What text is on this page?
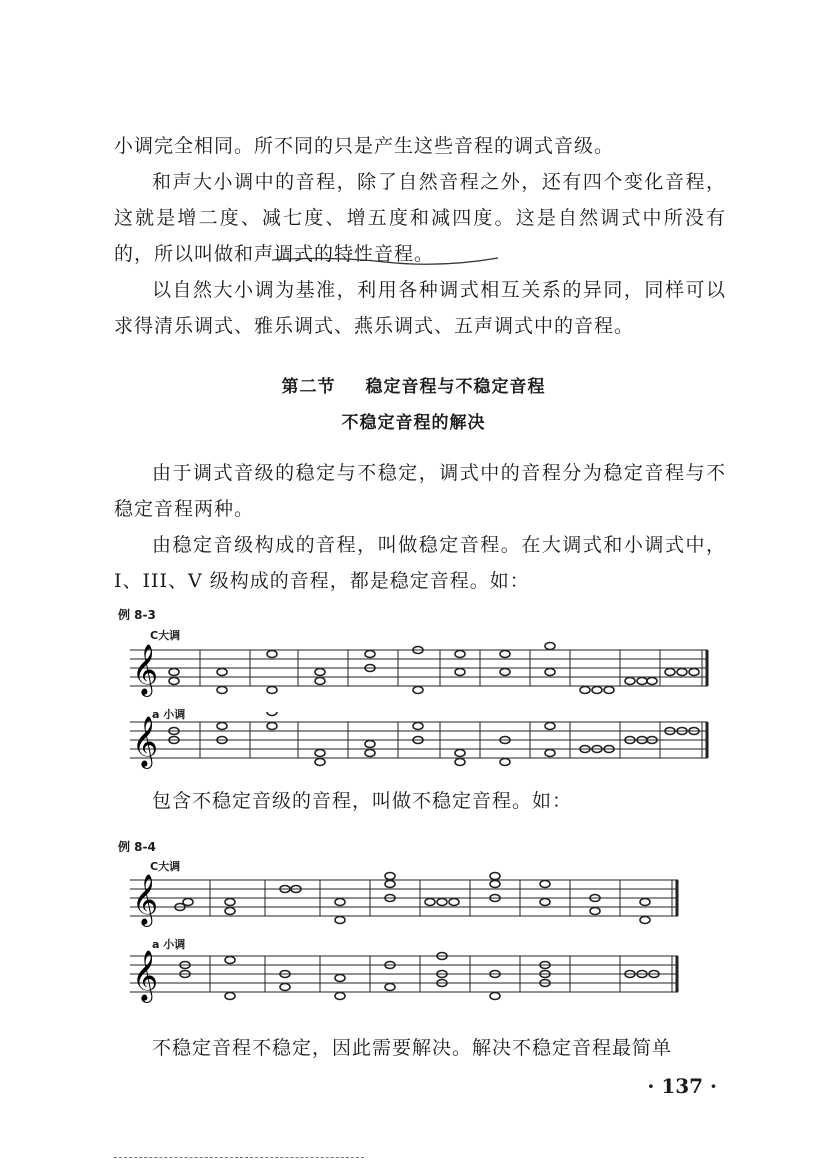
小调完全相同。所不同的只是产生这些音程的调式音级。

和声大小调中的音程，除了自然音程之外，还有四个变化音程，这就是增二度、减七度、增五度和减四度。这是自然调式中所没有的，所以叫做和声调式的特性音程。

以自然大小调为基准，利用各种调式相互关系的异同，同样可以求得清乐调式、雅乐调式、燕乐调式、五声调式中的音程。

第二节 稳定音程与不稳定音程

不稳定音程的解决

由于调式音级的稳定与不稳定，调式中的音程分为稳定音程与不稳定音程两种。

由稳定音级构成的音程，叫做稳定音程。在大调式和小调式中，I、III、V 级构成的音程，都是稳定音程。如：

例 8-3
C大调
𝄞
a 小调
𝄞

包含不稳定音级的音程，叫做不稳定音程。如：

例 8-4
C大调
𝄞
a 小调
𝄞

不稳定音程不稳定，因此需要解决。解决不稳定音程最简单

· 137 ·
